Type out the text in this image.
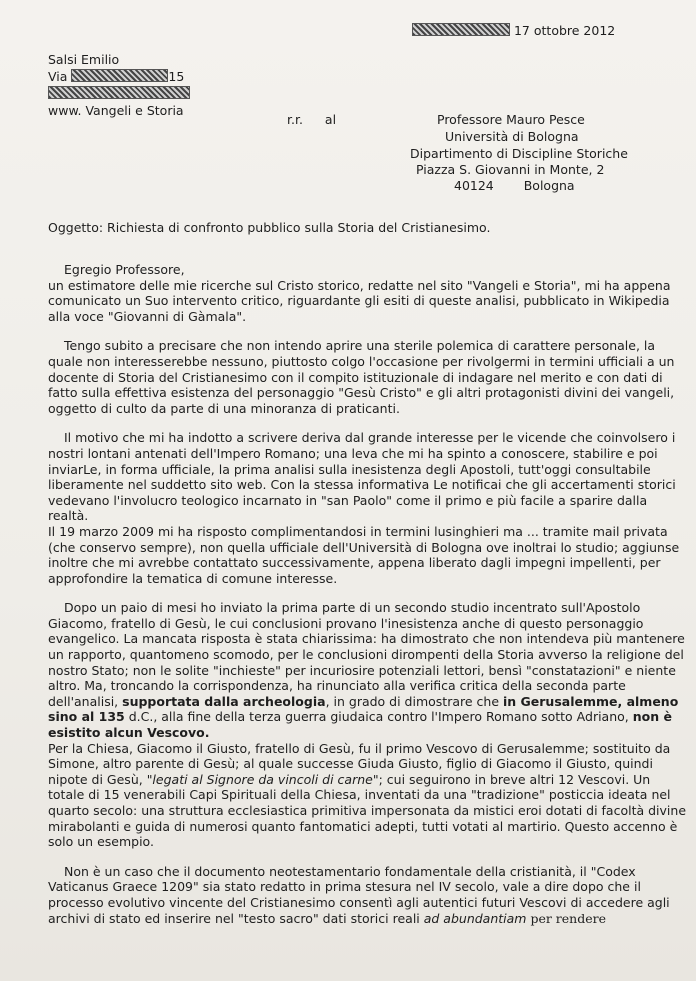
17 ottobre 2012
Salsi Emilio
Via	15
www. Vangeli e Storia
r.r. al	Professore Mauro Pesce
Università di Bologna
Dipartimento di Discipline Storiche
Piazza S. Giovanni in Monte, 2
40124 Bologna
Oggetto: Richiesta di confronto pubblico sulla Storia del Cristianesimo.

Egregio Professore,

un estimatore delle mie ricerche sul Cristo storico, redatte nel sito "Vangeli e Storia", mi ha appena comunicato un Suo intervento critico, riguardante gli esiti di queste analisi, pubblicato in Wikipedia alla voce "Giovanni di Gàmala".

Tengo subito a precisare che non intendo aprire una sterile polemica di carattere personale, la quale non interesserebbe nessuno, piuttosto colgo l'occasione per rivolgermi in termini ufficiali a un docente di Storia del Cristianesimo con il compito istituzionale di indagare nel merito e con dati di fatto sulla effettiva esistenza del personaggio "Gesù Cristo" e gli altri protagonisti divini dei vangeli, oggetto di culto da parte di una minoranza di praticanti.

Il motivo che mi ha indotto a scrivere deriva dal grande interesse per le vicende che coinvolsero i nostri lontani antenati dell'Impero Romano; una leva che mi ha spinto a conoscere, stabilire e poi inviarLe, in forma ufficiale, la prima analisi sulla inesistenza degli Apostoli, tutt'oggi consultabile liberamente nel suddetto sito web. Con la stessa informativa Le notificai che gli accertamenti storici vedevano l'involucro teologico incarnato in "san Paolo" come il primo e più facile a sparire dalla realtà.

Il 19 marzo 2009 mi ha risposto complimentandosi in termini lusinghieri ma ... tramite mail privata (che conservo sempre), non quella ufficiale dell'Università di Bologna ove inoltrai lo studio; aggiunse inoltre che mi avrebbe contattato successivamente, appena liberato dagli impegni impellenti, per approfondire la tematica di comune interesse.

Dopo un paio di mesi ho inviato la prima parte di un secondo studio incentrato sull'Apostolo Giacomo, fratello di Gesù, le cui conclusioni provano l'inesistenza anche di questo personaggio evangelico. La mancata risposta è stata chiarissima: ha dimostrato che non intendeva più mantenere un rapporto, quantomeno scomodo, per le conclusioni dirompenti della Storia avverso la religione del nostro Stato; non le solite "inchieste" per incuriosire potenziali lettori, bensì "constatazioni" e niente altro. Ma, troncando la corrispondenza, ha rinunciato alla verifica critica della seconda parte dell'analisi, supportata dalla archeologia, in grado di dimostrare che in Gerusalemme, almeno sino al 135 d.C., alla fine della terza guerra giudaica contro l'Impero Romano sotto Adriano, non è esistito alcun Vescovo.

Per la Chiesa, Giacomo il Giusto, fratello di Gesù, fu il primo Vescovo di Gerusalemme; sostituito da Simone, altro parente di Gesù; al quale successe Giuda Giusto, figlio di Giacomo il Giusto, quindi nipote di Gesù, "legati al Signore da vincoli di carne"; cui seguirono in breve altri 12 Vescovi. Un totale di 15 venerabili Capi Spirituali della Chiesa, inventati da una "tradizione" posticcia ideata nel quarto secolo: una struttura ecclesiastica primitiva impersonata da mistici eroi dotati di facoltà divine mirabolanti e guida di numerosi quanto fantomatici adepti, tutti votati al martirio. Questo accenno è solo un esempio.

Non è un caso che il documento neotestamentario fondamentale della cristianità, il "Codex Vaticanus Graece 1209" sia stato redatto in prima stesura nel IV secolo, vale a dire dopo che il processo evolutivo vincente del Cristianesimo consentì agli autentici futuri Vescovi di accedere agli archivi di stato ed inserire nel "testo sacro" dati storici reali ad abundantiam per rendere
